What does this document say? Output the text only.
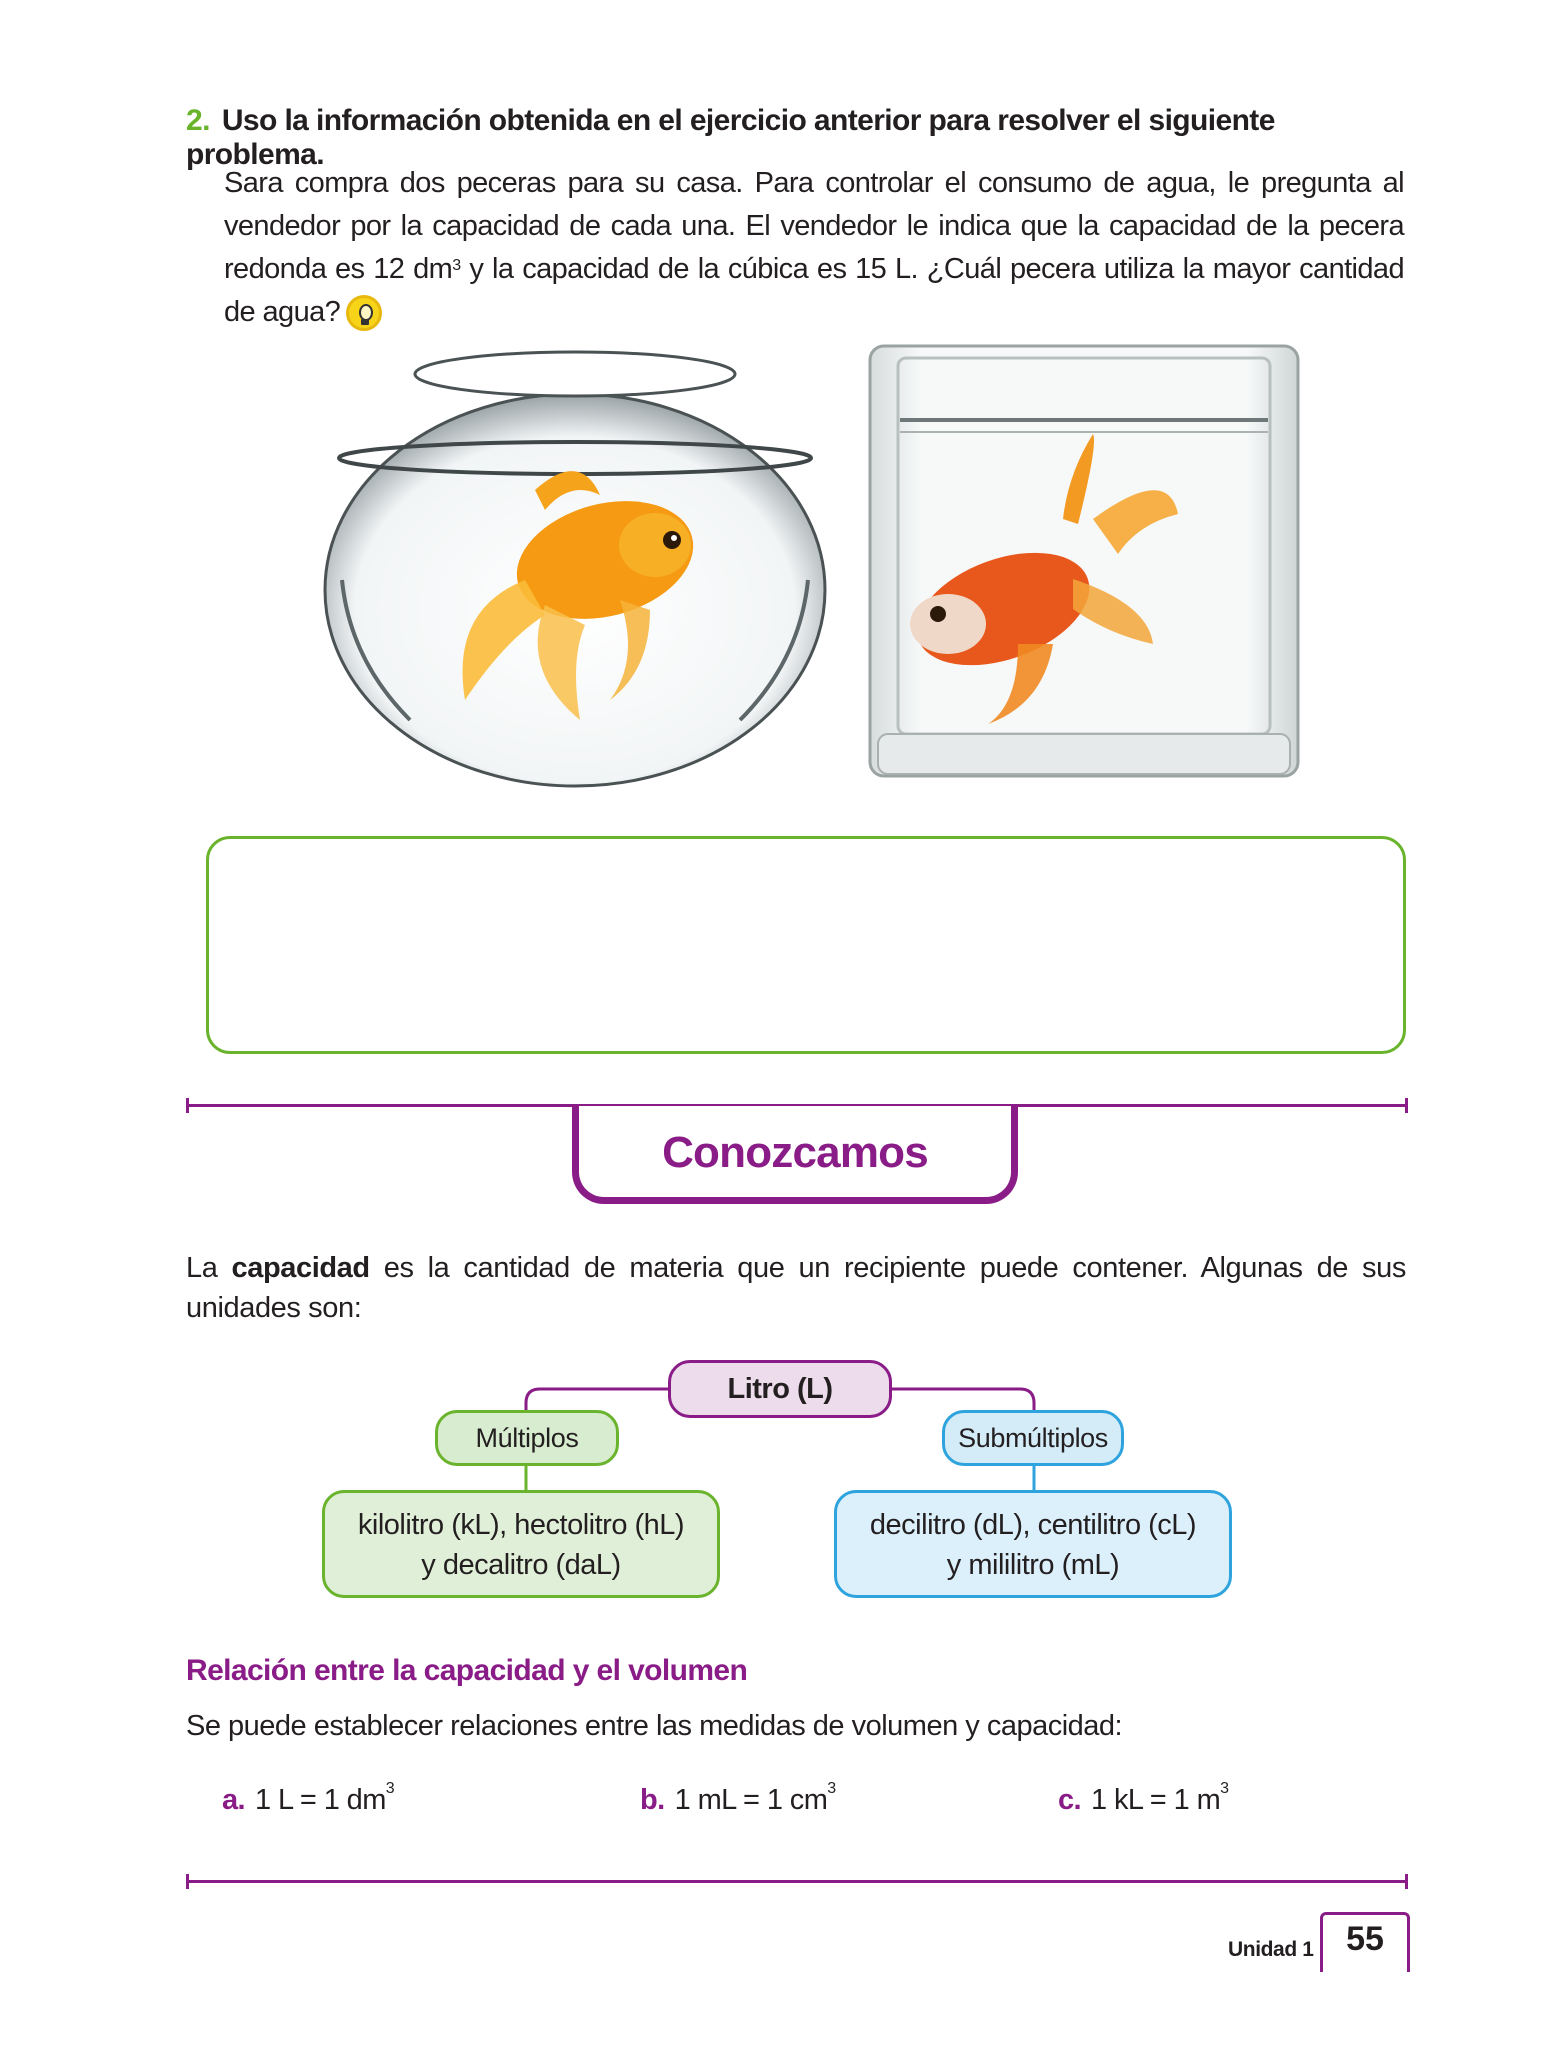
2. Uso la información obtenida en el ejercicio anterior para resolver el siguiente problema.
Sara compra dos peceras para su casa. Para controlar el consumo de agua, le pregunta al vendedor por la capacidad de cada una. El vendedor le indica que la capacidad de la pecera redonda es 12 $dm^3$ y la capacidad de la cúbica es 15 L. ¿Cuál pecera utiliza la mayor cantidad de agua?
Conozcamos
La capacidad es la cantidad de materia que un recipiente puede contener. Algunas de sus unidades son:
Litro (L)
Múltiplos	Submúltiplos
kilolitro (kL), hectolitro (hL)
y decalitro (daL)
decilitro (dL), centilitro (cL)
y mililitro (mL)
Relación entre la capacidad y el volumen
Se puede establecer relaciones entre las medidas de volumen y capacidad:
a. 1 L = 1 $dm^3$	b. 1 mL = 1 $cm^3$	c. 1 kL = 1 $m^3$
Unidad 1 55
